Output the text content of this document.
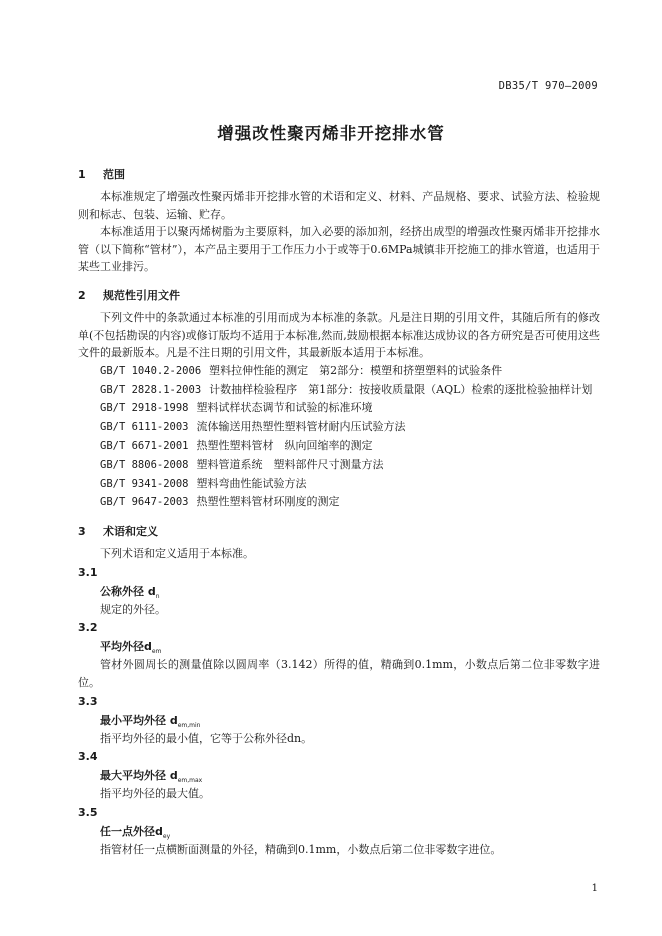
DB35/T 970—2009
增强改性聚丙烯非开挖排水管
1 范围
本标准规定了增强改性聚丙烯非开挖排水管的术语和定义、材料、产品规格、要求、试验方法、检验规则和标志、包装、运输、贮存。
本标准适用于以聚丙烯树脂为主要原料，加入必要的添加剂，经挤出成型的增强改性聚丙烯非开挖排水管（以下简称“管材”），本产品主要用于工作压力小于或等于0.6MPa城镇非开挖施工的排水管道，也适用于某些工业排污。
2 规范性引用文件
下列文件中的条款通过本标准的引用而成为本标准的条款。凡是注日期的引用文件，其随后所有的修改单(不包括勘误的内容)或修订版均不适用于本标准,然而,鼓励根据本标准达成协议的各方研究是否可使用这些文件的最新版本。凡是不注日期的引用文件，其最新版本适用于本标准。
GB/T 1040.2-2006 塑料拉伸性能的测定　第2部分：模塑和挤塑塑料的试验条件
GB/T 2828.1-2003 计数抽样检验程序　第1部分：按接收质量限（AQL）检索的逐批检验抽样计划
GB/T 2918-1998 塑料试样状态调节和试验的标准环境
GB/T 6111-2003 流体输送用热塑性塑料管材耐内压试验方法
GB/T 6671-2001 热塑性塑料管材　纵向回缩率的测定
GB/T 8806-2008 塑料管道系统　塑料部件尺寸测量方法
GB/T 9341-2008 塑料弯曲性能试验方法
GB/T 9647-2003 热塑性塑料管材环刚度的测定
3 术语和定义
下列术语和定义适用于本标准。
3.1
公称外径 $d_n$
规定的外径。
3.2
平均外径$d_{em}$
管材外圆周长的测量值除以圆周率（3.142）所得的值，精确到0.1mm，小数点后第二位非零数字进位。
3.3
最小平均外径 $d_{em,min}$
指平均外径的最小值，它等于公称外径dn。
3.4
最大平均外径 $d_{em,max}$
指平均外径的最大值。
3.5
任一点外径$d_{ey}$
指管材任一点横断面测量的外径，精确到0.1mm，小数点后第二位非零数字进位。
1
